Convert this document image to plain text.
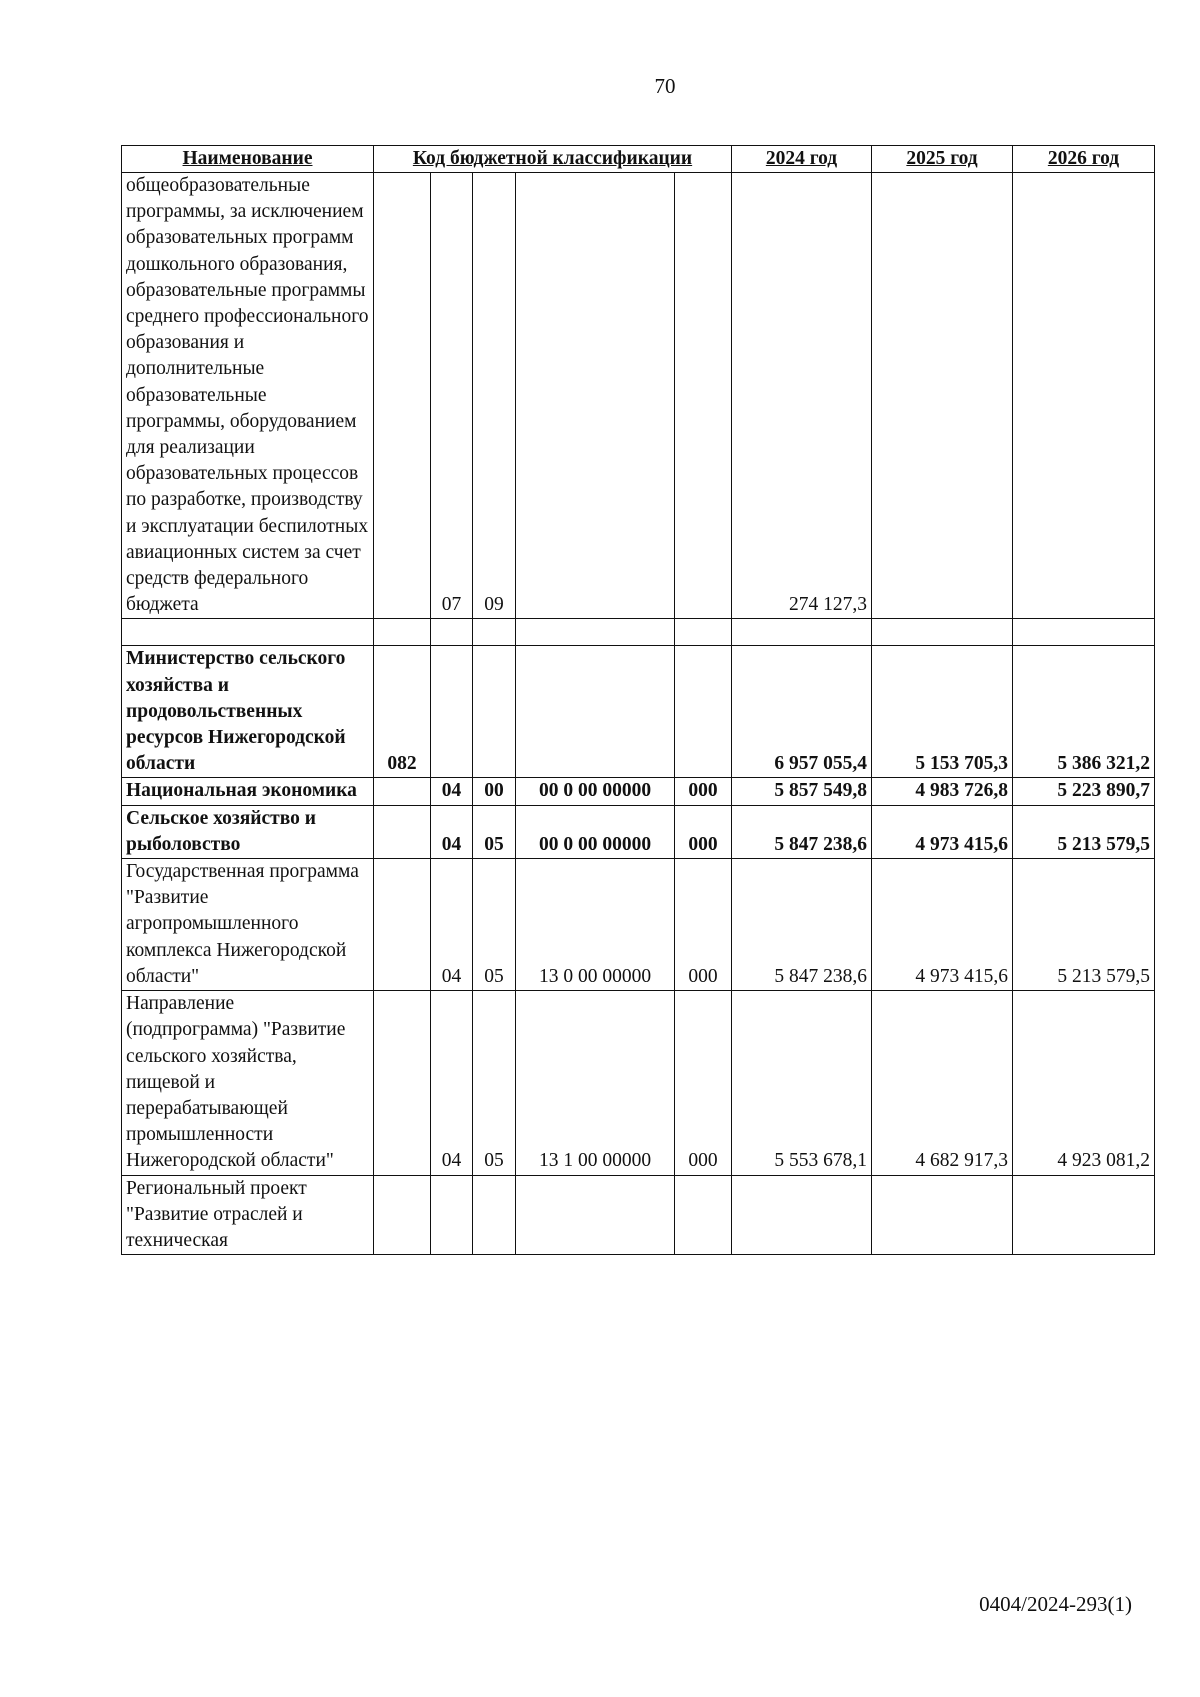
70
Наименование	Код бюджетной классификации					2024 год	2025 год	2026 год
общеобразовательные программы, за исключением образовательных программ дошкольного образования, образовательные программы среднего профессионального образования и дополнительные образовательные программы, оборудованием для реализации образовательных процессов по разработке, производству и эксплуатации беспилотных авиационных систем за счет средств федерального бюджета		07	09			274 127,3		

Министерство сельского хозяйства и продовольственных ресурсов Нижегородской области	082					6 957 055,4	5 153 705,3	5 386 321,2
Национальная экономика		04	00	00 0 00 00000	000	5 857 549,8	4 983 726,8	5 223 890,7
Сельское хозяйство и рыболовство		04	05	00 0 00 00000	000	5 847 238,6	4 973 415,6	5 213 579,5
Государственная программа "Развитие агропромышленного комплекса Нижегородской области"		04	05	13 0 00 00000	000	5 847 238,6	4 973 415,6	5 213 579,5
Направление (подпрограмма) "Развитие сельского хозяйства, пищевой и перерабатывающей промышленности Нижегородской области"		04	05	13 1 00 00000	000	5 553 678,1	4 682 917,3	4 923 081,2
Региональный проект "Развитие отраслей и техническая								
0404/2024-293(1)
